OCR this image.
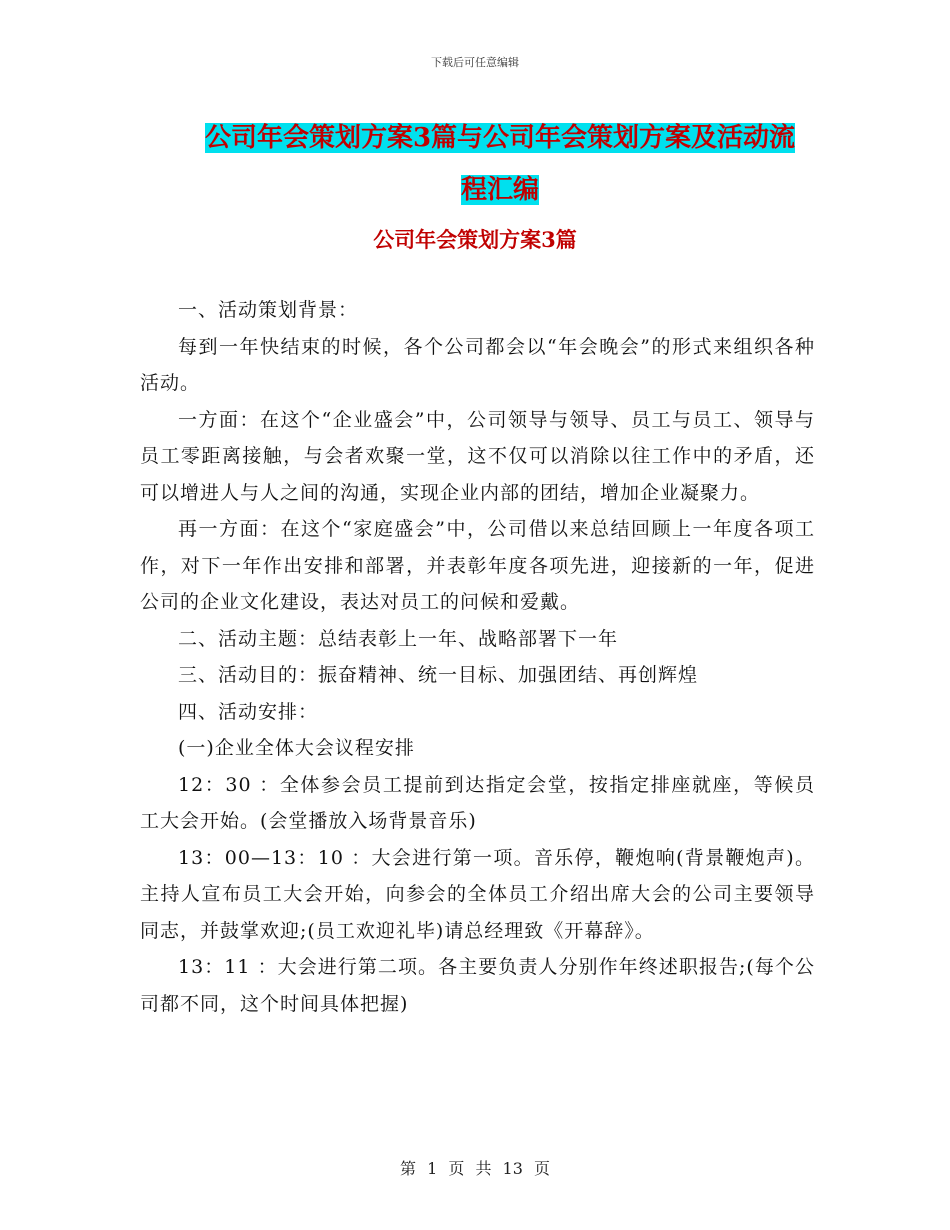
下载后可任意编辑
公司年会策划方案3篇与公司年会策划方案及活动流
程汇编
公司年会策划方案3篇

一、活动策划背景：

每到一年快结束的时候，各个公司都会以“年会晚会”的形式来组织各种活动。

一方面：在这个“企业盛会”中，公司领导与领导、员工与员工、领导与员工零距离接触，与会者欢聚一堂，这不仅可以消除以往工作中的矛盾，还可以增进人与人之间的沟通，实现企业内部的团结，增加企业凝聚力。

再一方面：在这个“家庭盛会”中，公司借以来总结回顾上一年度各项工作，对下一年作出安排和部署，并表彰年度各项先进，迎接新的一年，促进公司的企业文化建设，表达对员工的问候和爱戴。

二、活动主题：总结表彰上一年、战略部署下一年

三、活动目的：振奋精神、统一目标、加强团结、再创辉煌

四、活动安排：

(一)企业全体大会议程安排

12：30 ：全体参会员工提前到达指定会堂，按指定排座就座，等候员工大会开始。(会堂播放入场背景音乐)

13：00—13：10 ：大会进行第一项。音乐停，鞭炮响(背景鞭炮声)。主持人宣布员工大会开始，向参会的全体员工介绍出席大会的公司主要领导同志，并鼓掌欢迎;(员工欢迎礼毕)请总经理致《开幕辞》。

13：11 ：大会进行第二项。各主要负责人分别作年终述职报告;(每个公司都不同，这个时间具体把握)

第 1 页 共 13 页
